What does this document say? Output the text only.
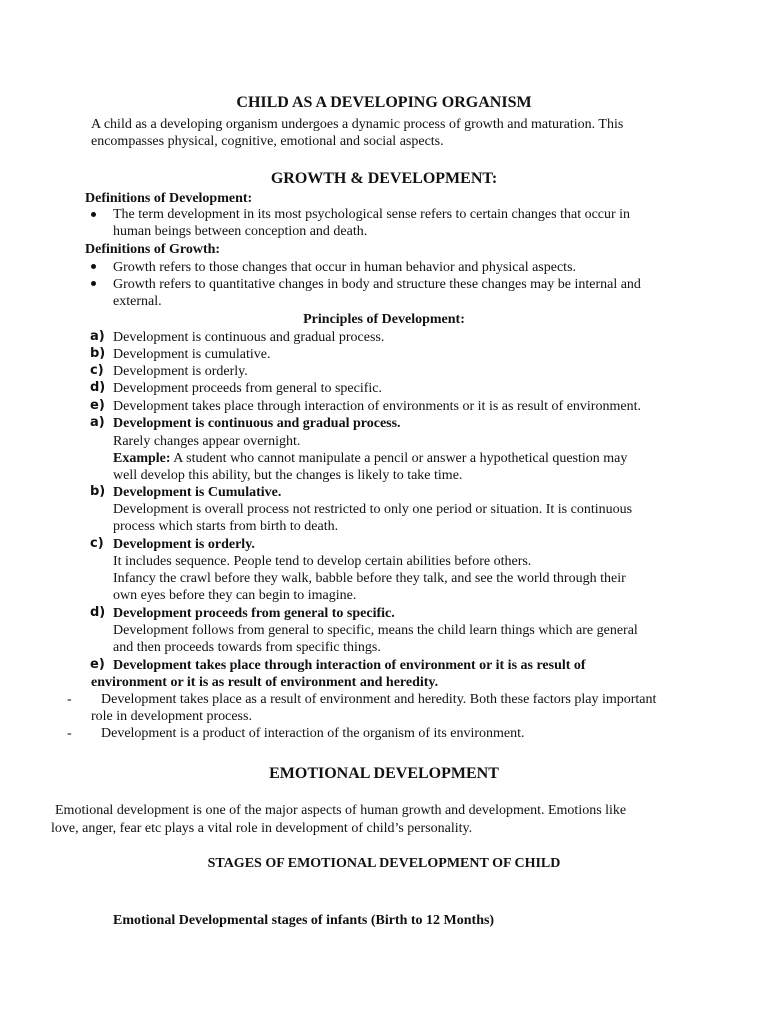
CHILD AS A DEVELOPING ORGANISM
A child as a developing organism undergoes a dynamic process of growth and maturation. This
encompasses physical, cognitive, emotional and social aspects.
GROWTH & DEVELOPMENT:
Definitions of Development:
The term development in its most psychological sense refers to certain changes that occur in
human beings between conception and death.
Definitions of Growth:
Growth refers to those changes that occur in human behavior and physical aspects.
Growth refers to quantitative changes in body and structure these changes may be internal and
external.
Principles of Development:
a) Development is continuous and gradual process.
b) Development is cumulative.
c) Development is orderly.
d) Development proceeds from general to specific.
e) Development takes place through interaction of environments or it is as result of environment.
a) Development is continuous and gradual process.
Rarely changes appear overnight.
Example: A student who cannot manipulate a pencil or answer a hypothetical question may
well develop this ability, but the changes is likely to take time.
b) Development is Cumulative.
Development is overall process not restricted to only one period or situation. It is continuous
process which starts from birth to death.
c) Development is orderly.
It includes sequence. People tend to develop certain abilities before others.
Infancy the crawl before they walk, babble before they talk, and see the world through their
own eyes before they can begin to imagine.
d) Development proceeds from general to specific.
Development follows from general to specific, means the child learn things which are general
and then proceeds towards from specific things.
e) Development takes place through interaction of environment or it is as result of
environment or it is as result of environment and heredity.
- Development takes place as a result of environment and heredity. Both these factors play important
role in development process.
- Development is a product of interaction of the organism of its environment.
EMOTIONAL DEVELOPMENT
Emotional development is one of the major aspects of human growth and development. Emotions like
love, anger, fear etc plays a vital role in development of child’s personality.
STAGES OF EMOTIONAL DEVELOPMENT OF CHILD
Emotional Developmental stages of infants (Birth to 12 Months)
